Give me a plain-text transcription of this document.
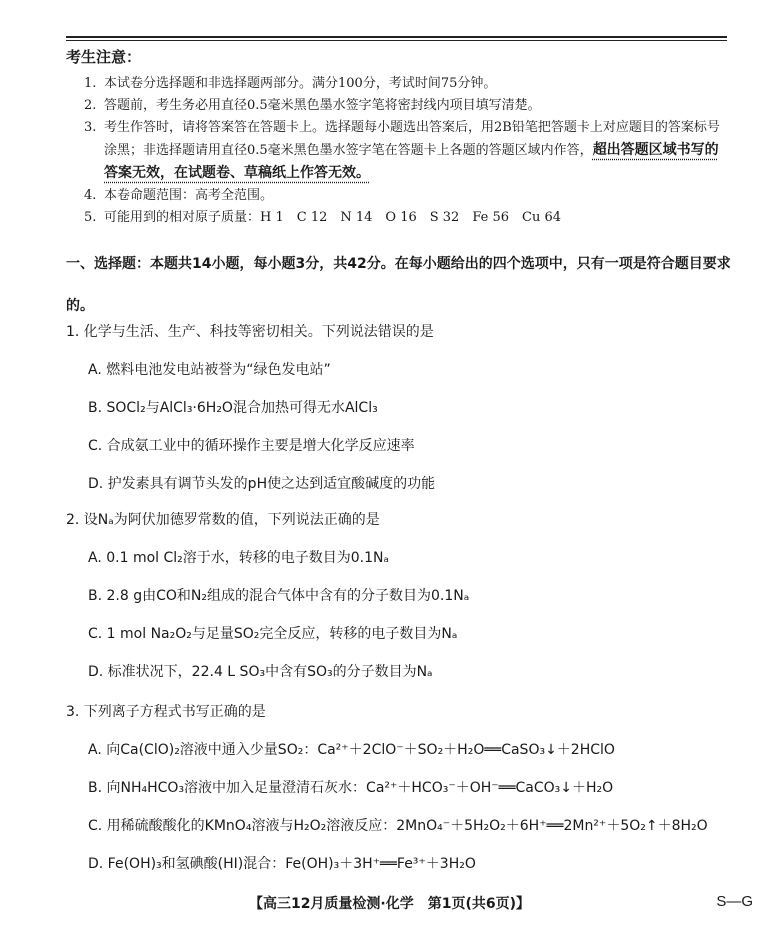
考生注意：

1. 本试卷分选择题和非选择题两部分。满分100分，考试时间75分钟。

2. 答题前，考生务必用直径0.5毫米黑色墨水签字笔将密封线内项目填写清楚。

3. 考生作答时，请将答案答在答题卡上。选择题每小题选出答案后，用2B铅笔把答题卡上对应题目的答案标号涂黑；非选择题请用直径0.5毫米黑色墨水签字笔在答题卡上各题的答题区域内作答，超出答题区域书写的答案无效，在试题卷、草稿纸上作答无效。

4. 本卷命题范围：高考全范围。

5. 可能用到的相对原子质量：H 1　C 12　N 14　O 16　S 32　Fe 56　Cu 64

一、选择题：本题共14小题，每小题3分，共42分。在每小题给出的四个选项中，只有一项是符合题目要求的。

1. 化学与生活、生产、科技等密切相关。下列说法错误的是

A. 燃料电池发电站被誉为“绿色发电站”

B. SOCl₂与AlCl₃·6H₂O混合加热可得无水AlCl₃

C. 合成氨工业中的循环操作主要是增大化学反应速率

D. 护发素具有调节头发的pH使之达到适宜酸碱度的功能

2. 设Nₐ为阿伏加德罗常数的值，下列说法正确的是

A. 0.1 mol Cl₂溶于水，转移的电子数目为0.1Nₐ

B. 2.8 g由CO和N₂组成的混合气体中含有的分子数目为0.1Nₐ

C. 1 mol Na₂O₂与足量SO₂完全反应，转移的电子数目为Nₐ

D. 标准状况下，22.4 L SO₃中含有SO₃的分子数目为Nₐ

3. 下列离子方程式书写正确的是

A. 向Ca(ClO)₂溶液中通入少量SO₂：Ca²⁺＋2ClO⁻＋SO₂＋H₂O══CaSO₃↓＋2HClO

B. 向NH₄HCO₃溶液中加入足量澄清石灰水：Ca²⁺＋HCO₃⁻＋OH⁻══CaCO₃↓＋H₂O

C. 用稀硫酸酸化的KMnO₄溶液与H₂O₂溶液反应：2MnO₄⁻＋5H₂O₂＋6H⁺══2Mn²⁺＋5O₂↑＋8H₂O

D. Fe(OH)₃和氢碘酸(HI)混合：Fe(OH)₃＋3H⁺══Fe³⁺＋3H₂O

【高三12月质量检测·化学　第1页(共6页)】	S—G
